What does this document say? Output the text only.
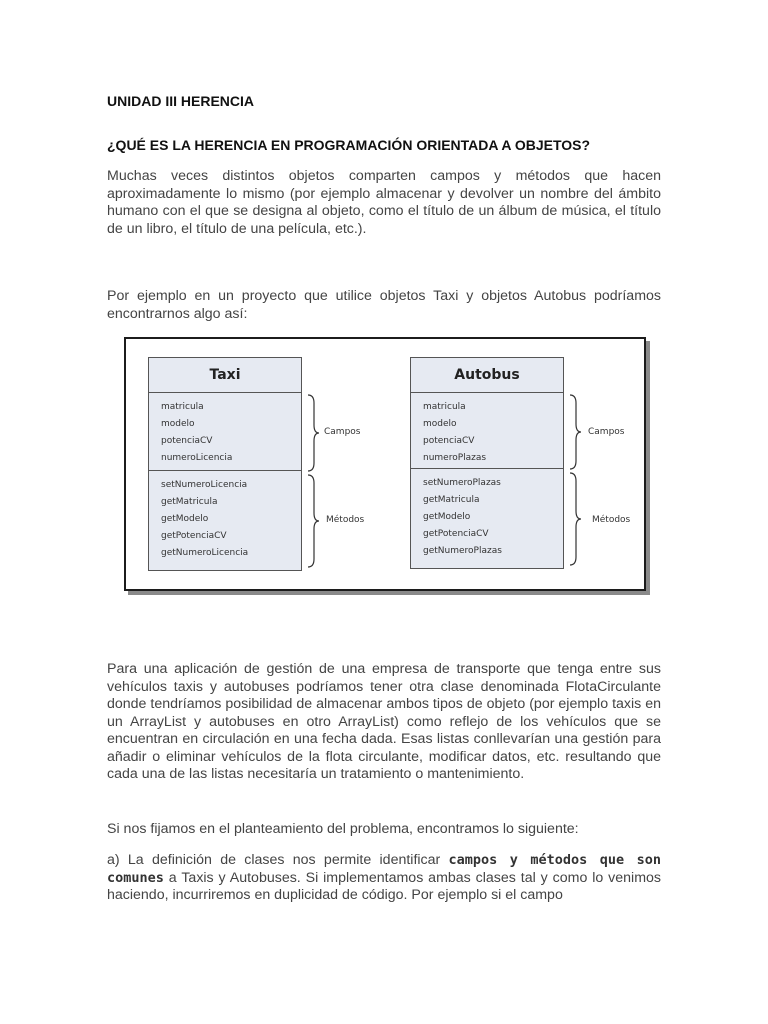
UNIDAD III HERENCIA

¿QUÉ ES LA HERENCIA EN PROGRAMACIÓN ORIENTADA A OBJETOS?

Muchas veces distintos objetos comparten campos y métodos que hacen aproximadamente lo mismo (por ejemplo almacenar y devolver un nombre del ámbito humano con el que se designa al objeto, como el título de un álbum de música, el título de un libro, el título de una película, etc.).

Por ejemplo en un proyecto que utilice objetos Taxi y objetos Autobus podríamos encontrarnos algo así:

Para una aplicación de gestión de una empresa de transporte que tenga entre sus vehículos taxis y autobuses podríamos tener otra clase denominada FlotaCirculante donde tendríamos posibilidad de almacenar ambos tipos de objeto (por ejemplo taxis en un ArrayList y autobuses en otro ArrayList) como reflejo de los vehículos que se encuentran en circulación en una fecha dada. Esas listas conllevarían una gestión para añadir o eliminar vehículos de la flota circulante, modificar datos, etc. resultando que cada una de las listas necesitaría un tratamiento o mantenimiento.

Si nos fijamos en el planteamiento del problema, encontramos lo siguiente:

a) La definición de clases nos permite identificar campos y métodos que son comunes a Taxis y Autobuses. Si implementamos ambas clases tal y como lo venimos haciendo, incurriremos en duplicidad de código. Por ejemplo si el campo

Taxi
matricula
modelo
potenciaCV
numeroLicencia
setNumeroLicencia
getMatricula
getModelo
getPotenciaCV
getNumeroLicencia
Campos
Métodos
Autobus
matricula
modelo
potenciaCV
numeroPlazas
setNumeroPlazas
getMatricula
getModelo
getPotenciaCV
getNumeroPlazas
Campos
Métodos
